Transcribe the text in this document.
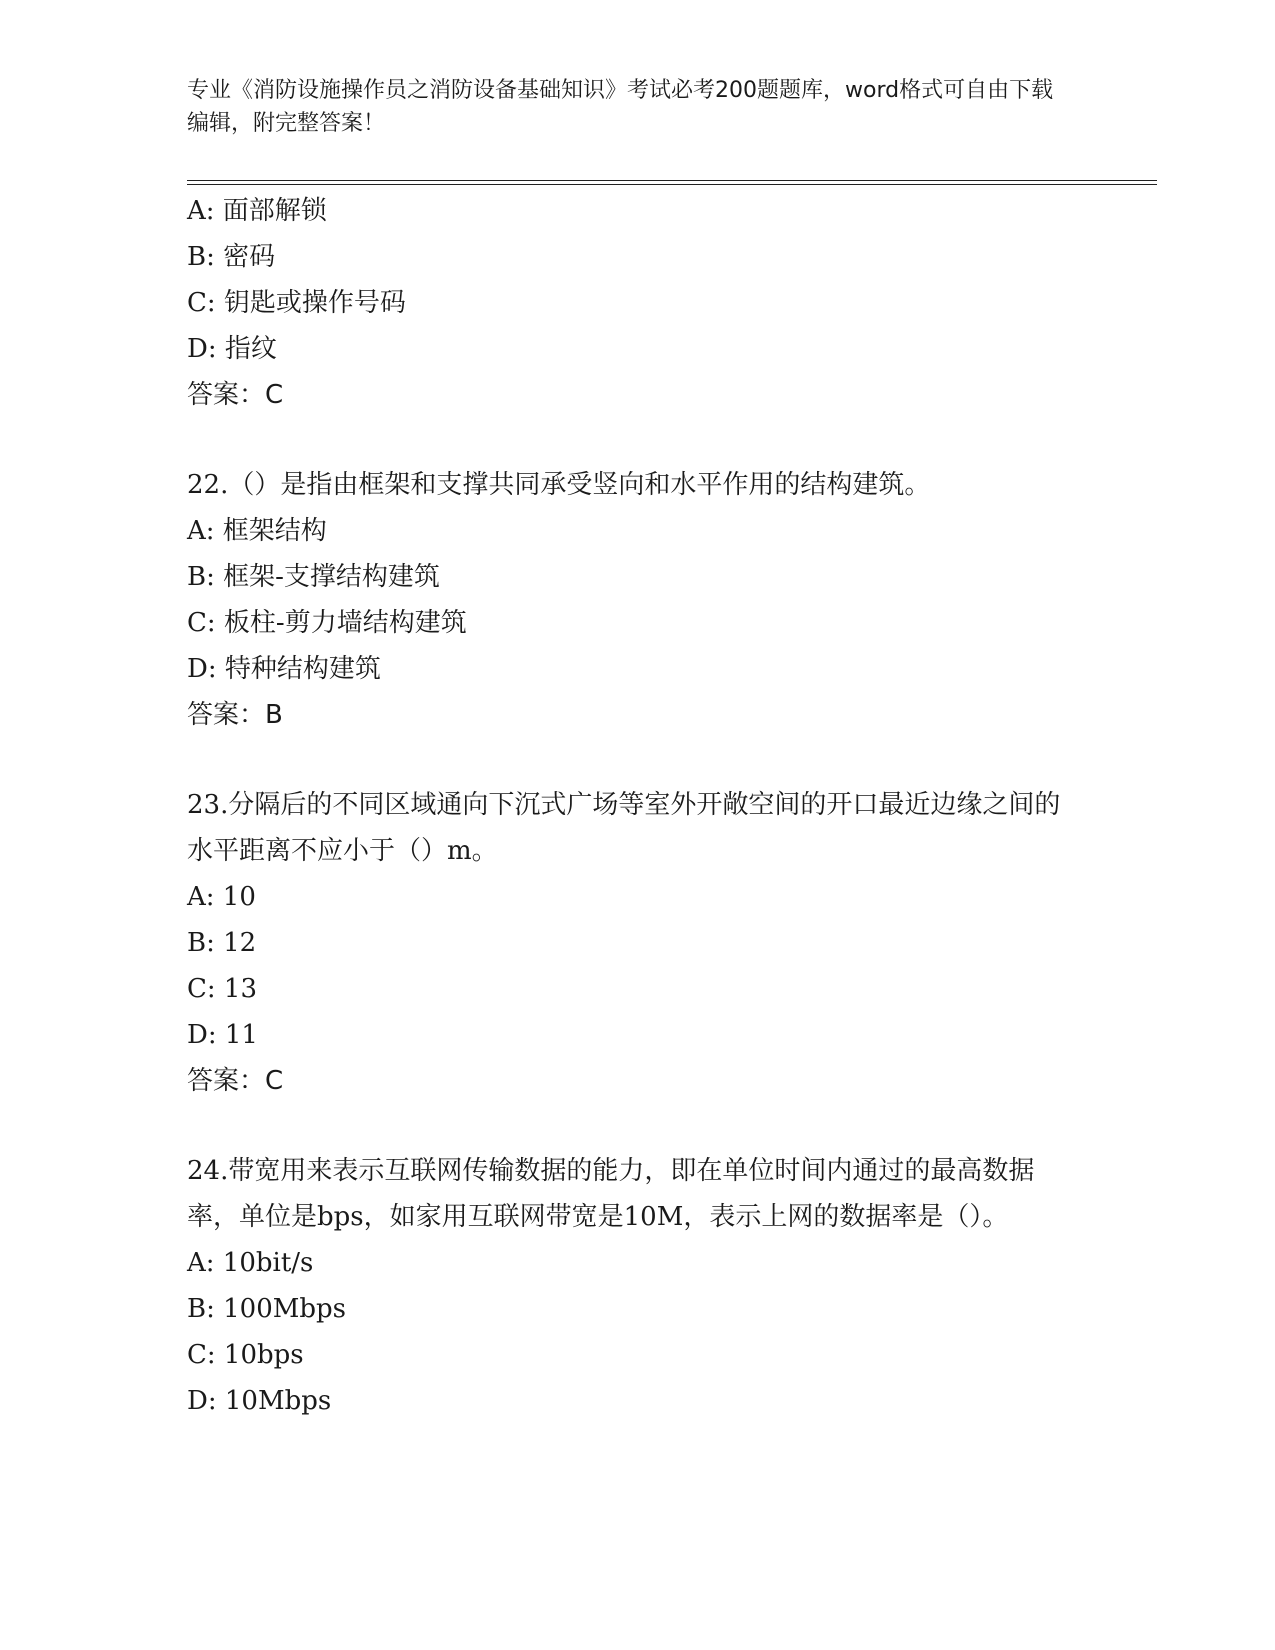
专业《消防设施操作员之消防设备基础知识》考试必考200题题库，word格式可自由下载编辑，附完整答案！
A: 面部解锁
B: 密码
C: 钥匙或操作号码
D: 指纹
答案：C
22.（）是指由框架和支撑共同承受竖向和水平作用的结构建筑。
A: 框架结构
B: 框架-支撑结构建筑
C: 板柱-剪力墙结构建筑
D: 特种结构建筑
答案：B
23.分隔后的不同区域通向下沉式广场等室外开敞空间的开口最近边缘之间的水平距离不应小于（）m。
A: 10
B: 12
C: 13
D: 11
答案：C
24.带宽用来表示互联网传输数据的能力，即在单位时间内通过的最高数据率，单位是bps，如家用互联网带宽是10M，表示上网的数据率是（）。
A: 10bit/s
B: 100Mbps
C: 10bps
D: 10Mbps
